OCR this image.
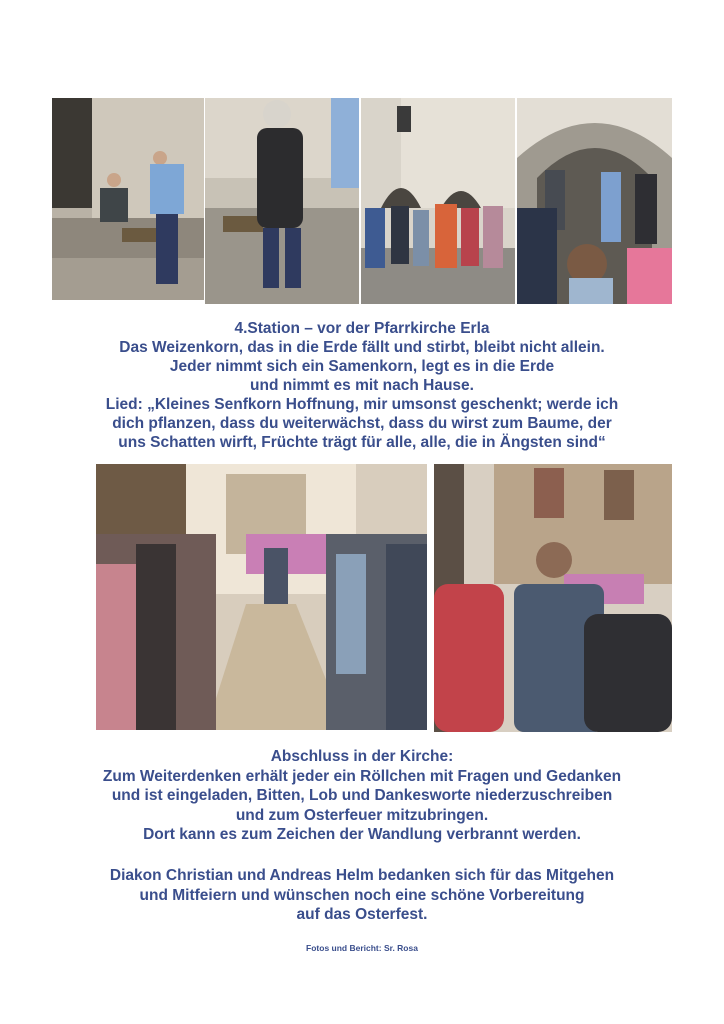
4.Station – vor der Pfarrkirche Erla

Das Weizenkorn, das in die Erde fällt und stirbt, bleibt nicht allein.

Jeder nimmt sich ein Samenkorn, legt es in die Erde

und nimmt es mit nach Hause.

Lied: „Kleines Senfkorn Hoffnung, mir umsonst geschenkt; werde ich

dich pflanzen, dass du weiterwächst, dass du wirst zum Baume, der

uns Schatten wirft, Früchte trägt für alle, alle, die in Ängsten sind“

Abschluss in der Kirche:

Zum Weiterdenken erhält jeder ein Röllchen mit Fragen und Gedanken

und ist eingeladen, Bitten, Lob und Dankesworte niederzuschreiben

und zum Osterfeuer mitzubringen.

Dort kann es zum Zeichen der Wandlung verbrannt werden.

Diakon Christian und Andreas Helm bedanken sich für das Mitgehen

und Mitfeiern und wünschen noch eine schöne Vorbereitung

auf das Osterfest.

Fotos und Bericht: Sr. Rosa
